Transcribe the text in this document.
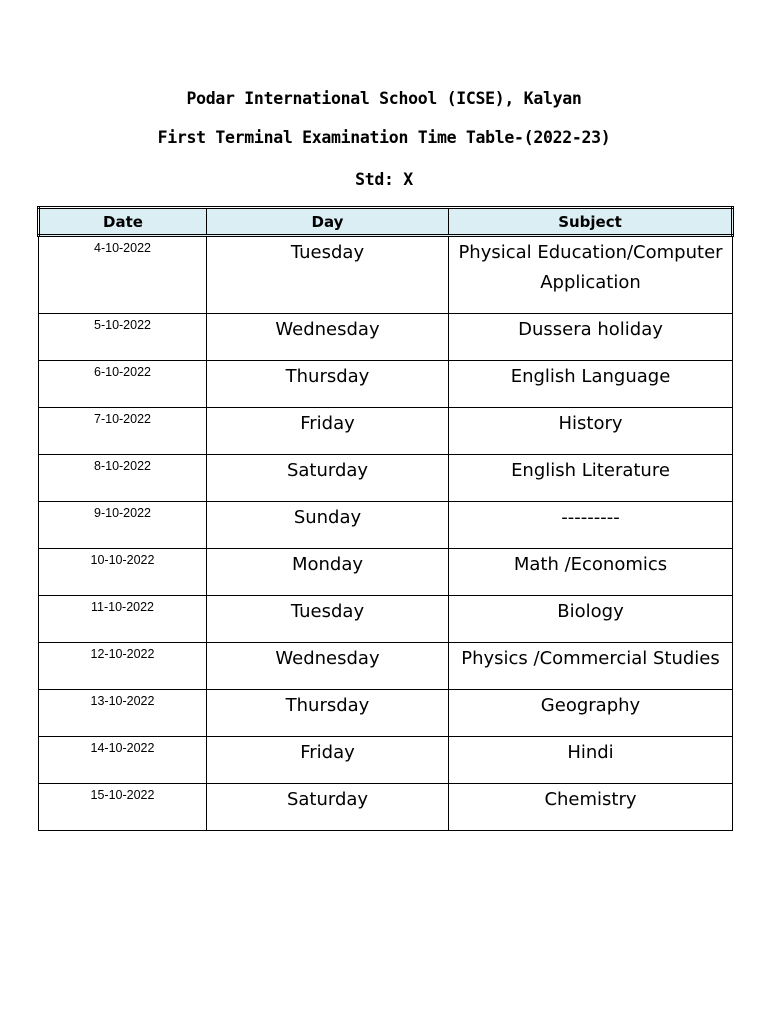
Podar International School (ICSE), Kalyan
First Terminal Examination Time Table-(2022-23)
Std: X
Date	Day	Subject
4-10-2022	Tuesday	Physical Education/Computer Application
5-10-2022	Wednesday	Dussera holiday
6-10-2022	Thursday	English Language
7-10-2022	Friday	History
8-10-2022	Saturday	English Literature
9-10-2022	Sunday	---------
10-10-2022	Monday	Math /Economics
11-10-2022	Tuesday	Biology
12-10-2022	Wednesday	Physics /Commercial Studies
13-10-2022	Thursday	Geography
14-10-2022	Friday	Hindi
15-10-2022	Saturday	Chemistry
